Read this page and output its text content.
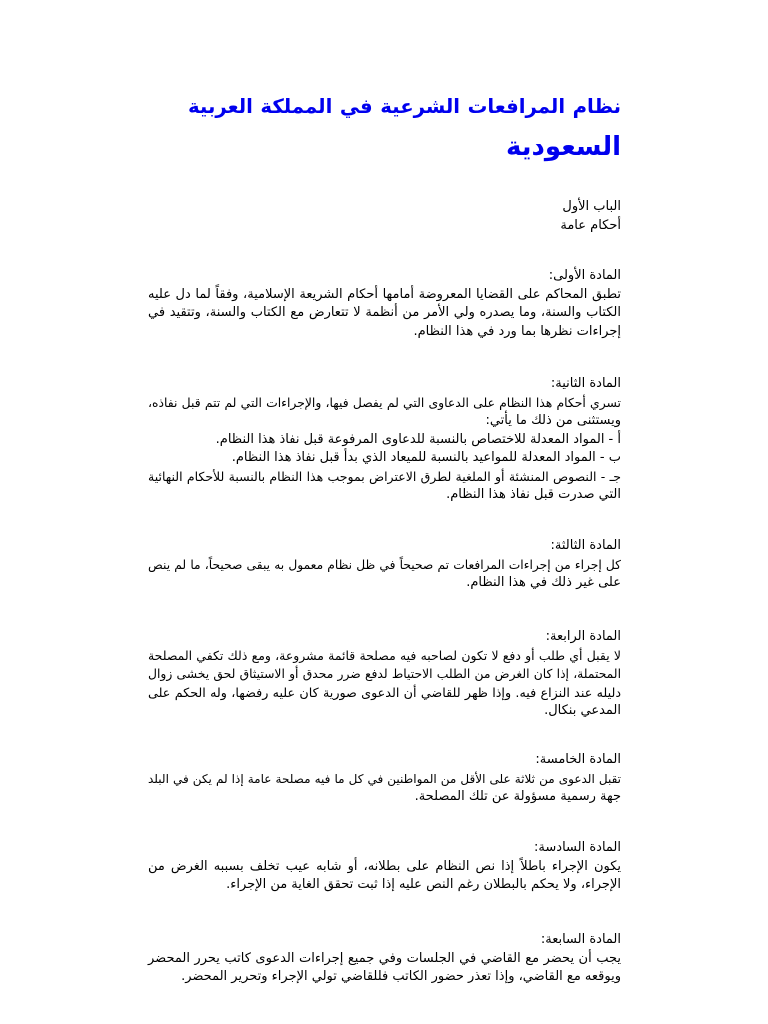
نظام المرافعات الشرعية في المملكة العربية
السعودية
الباب الأول
أحكام عامة
المادة الأولى:
تطبق المحاكم على القضايا المعروضة أمامها أحكام الشريعة الإسلامية، وفقاً لما دل عليه
الكتاب والسنة، وما يصدره ولي الأمر من أنظمة لا تتعارض مع الكتاب والسنة، وتتقيد في
إجراءات نظرها بما ورد في هذا النظام.
المادة الثانية:
تسري أحكام هذا النظام على الدعاوى التي لم يفصل فيها، والإجراءات التي لم تتم قبل نفاذه،
ويستثنى من ذلك ما يأتي:
أ - المواد المعدلة للاختصاص بالنسبة للدعاوى المرفوعة قبل نفاذ هذا النظام.
ب - المواد المعدلة للمواعيد بالنسبة للميعاد الذي بدأ قبل نفاذ هذا النظام.
جـ - النصوص المنشئة أو الملغية لطرق الاعتراض بموجب هذا النظام بالنسبة للأحكام النهائية
التي صدرت قبل نفاذ هذا النظام.
المادة الثالثة:
كل إجراء من إجراءات المرافعات تم صحيحاً في ظل نظام معمول به يبقى صحيحاً، ما لم ينص
على غير ذلك في هذا النظام.
المادة الرابعة:
لا يقبل أي طلب أو دفع لا تكون لصاحبه فيه مصلحة قائمة مشروعة، ومع ذلك تكفي المصلحة
المحتملة، إذا كان الغرض من الطلب الاحتياط لدفع ضرر محدق أو الاستيثاق لحق يخشى زوال
دليله عند النزاع فيه. وإذا ظهر للقاضي أن الدعوى صورية كان عليه رفضها، وله الحكم على
المدعي بنكال.
المادة الخامسة:
تقبل الدعوى من ثلاثة على الأقل من المواطنين في كل ما فيه مصلحة عامة إذا لم يكن في البلد
جهة رسمية مسؤولة عن تلك المصلحة.
المادة السادسة:
يكون الإجراء باطلاً إذا نص النظام على بطلانه، أو شابه عيب تخلف بسببه الغرض من
الإجراء، ولا يحكم بالبطلان رغم النص عليه إذا ثبت تحقق الغاية من الإجراء.
المادة السابعة:
يجب أن يحضر مع القاضي في الجلسات وفي جميع إجراءات الدعوى كاتب يحرر المحضر
ويوقعه مع القاضي، وإذا تعذر حضور الكاتب فللقاضي تولي الإجراء وتحرير المحضر.
